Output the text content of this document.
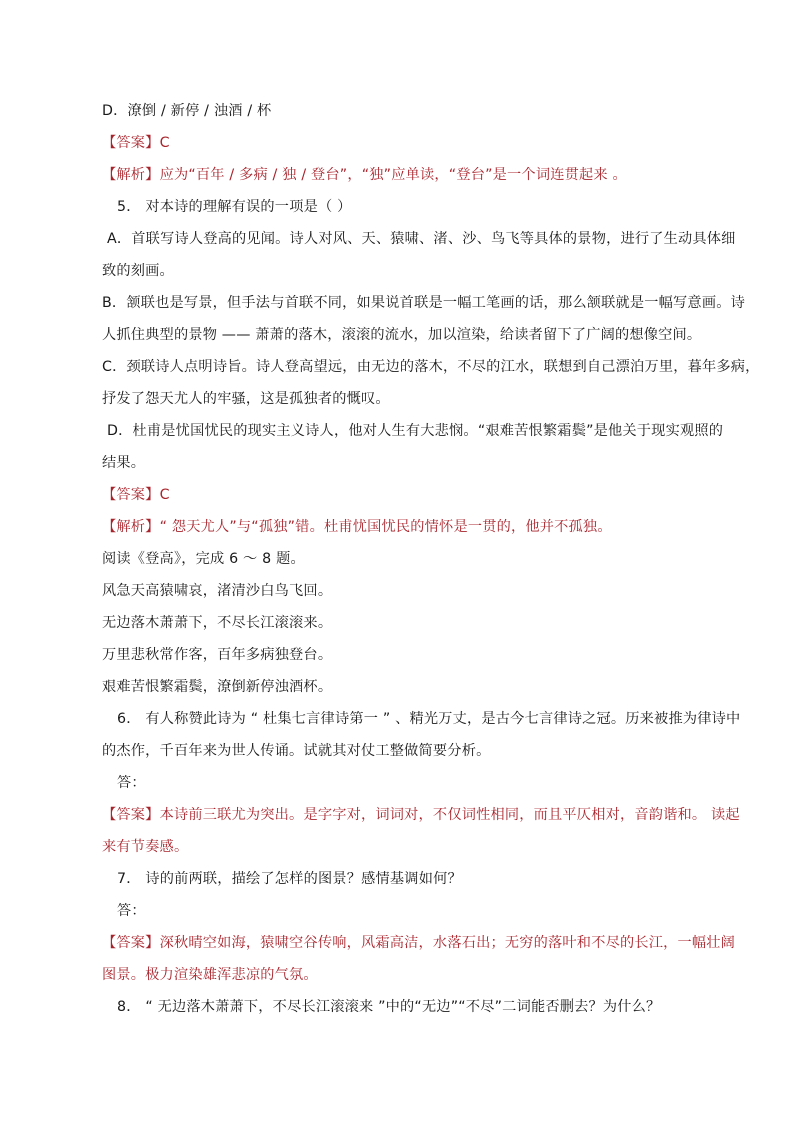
D．潦倒 / 新停 / 浊酒 / 杯
【答案】C
【解析】应为“百年 / 多病 / 独 / 登台”，“独”应单读，“登台”是一个词连贯起来 。
5． 对本诗的理解有误的一项是（ ）
A．首联写诗人登高的见闻。诗人对风、天、猿啸、渚、沙、鸟飞等具体的景物，进行了生动具体细
致的刻画。
B．颔联也是写景，但手法与首联不同，如果说首联是一幅工笔画的话，那么颔联就是一幅写意画。诗
人抓住典型的景物 —— 萧萧的落木，滚滚的流水，加以渲染，给读者留下了广阔的想像空间。
C．颈联诗人点明诗旨。诗人登高望远，由无边的落木，不尽的江水，联想到自己漂泊万里，暮年多病，
抒发了怨天尤人的牢骚，这是孤独者的慨叹。
D．杜甫是忧国忧民的现实主义诗人，他对人生有大悲悯。“艰难苦恨繁霜鬓”是他关于现实观照的
结果。
【答案】C
【解析】“ 怨天尤人”与“孤独”错。杜甫忧国忧民的情怀是一贯的，他并不孤独。
阅读《登高》，完成 6 ～ 8 题。
风急天高猿啸哀，渚清沙白鸟飞回。
无边落木萧萧下，不尽长江滚滚来。
万里悲秋常作客，百年多病独登台。
艰难苦恨繁霜鬓，潦倒新停浊酒杯。
6． 有人称赞此诗为 “ 杜集七言律诗第一 ” 、精光万丈，是古今七言律诗之冠。历来被推为律诗中
的杰作，千百年来为世人传诵。试就其对仗工整做简要分析。
答：
【答案】本诗前三联尤为突出。是字字对，词词对，不仅词性相同，而且平仄相对，音韵谐和。 读起
来有节奏感。
7． 诗的前两联，描绘了怎样的图景？感情基调如何？
答：
【答案】深秋晴空如海，猿啸空谷传响，风霜高洁，水落石出；无穷的落叶和不尽的长江，一幅壮阔
图景。极力渲染雄浑悲凉的气氛。
8． “ 无边落木萧萧下，不尽长江滚滚来 ”中的“无边”“不尽”二词能否删去？为什么？
